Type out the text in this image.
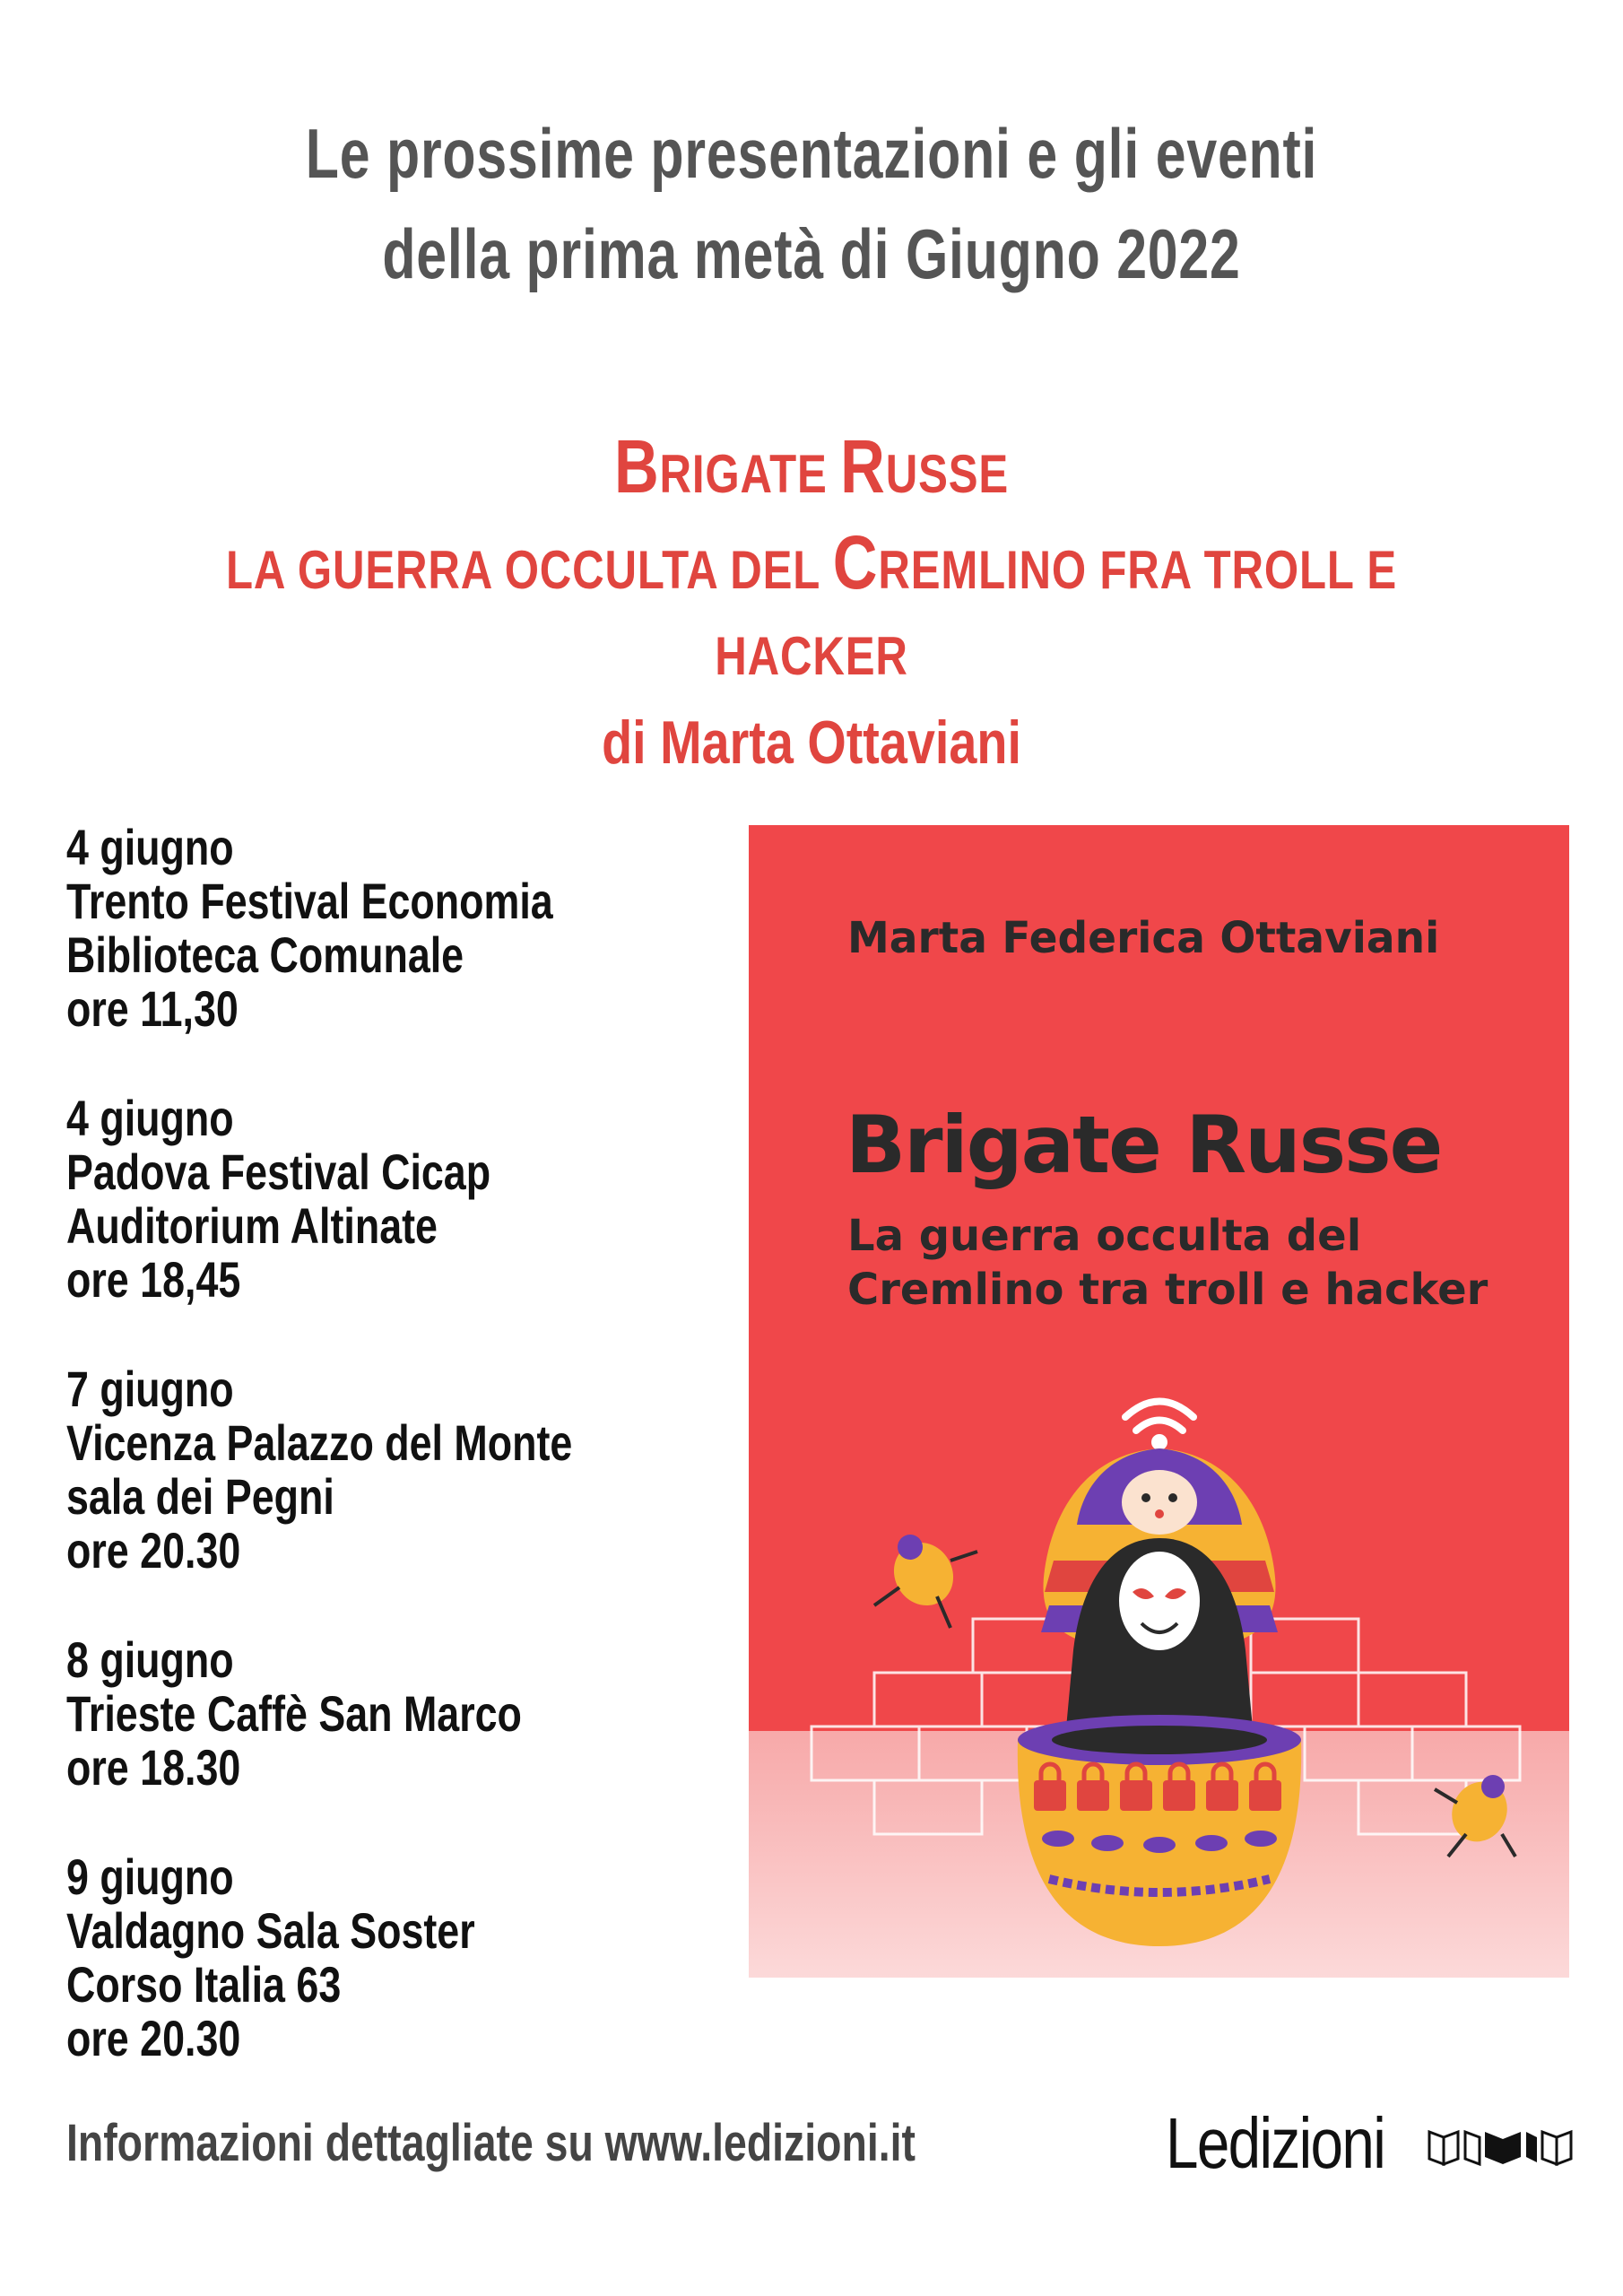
Le prossime presentazioni e gli eventi
della prima metà di Giugno 2022
BRIGATE RUSSE
LA GUERRA OCCULTA DEL CREMLINO FRA TROLL E HACKER
di Marta Ottaviani
4 giugno
Trento Festival Economia
Biblioteca Comunale
ore 11,30
4 giugno
Padova Festival Cicap
Auditorium Altinate
ore 18,45
7 giugno
Vicenza Palazzo del Monte
sala dei Pegni
ore 20.30
8 giugno
Trieste Caffè San Marco
ore 18.30
9 giugno
Valdagno Sala Soster
Corso Italia 63
ore 20.30
Marta Federica Ottaviani
Brigate Russe
La guerra occulta del
Cremlino tra troll e hacker
Informazioni dettagliate su www.ledizioni.it	Ledizioni
